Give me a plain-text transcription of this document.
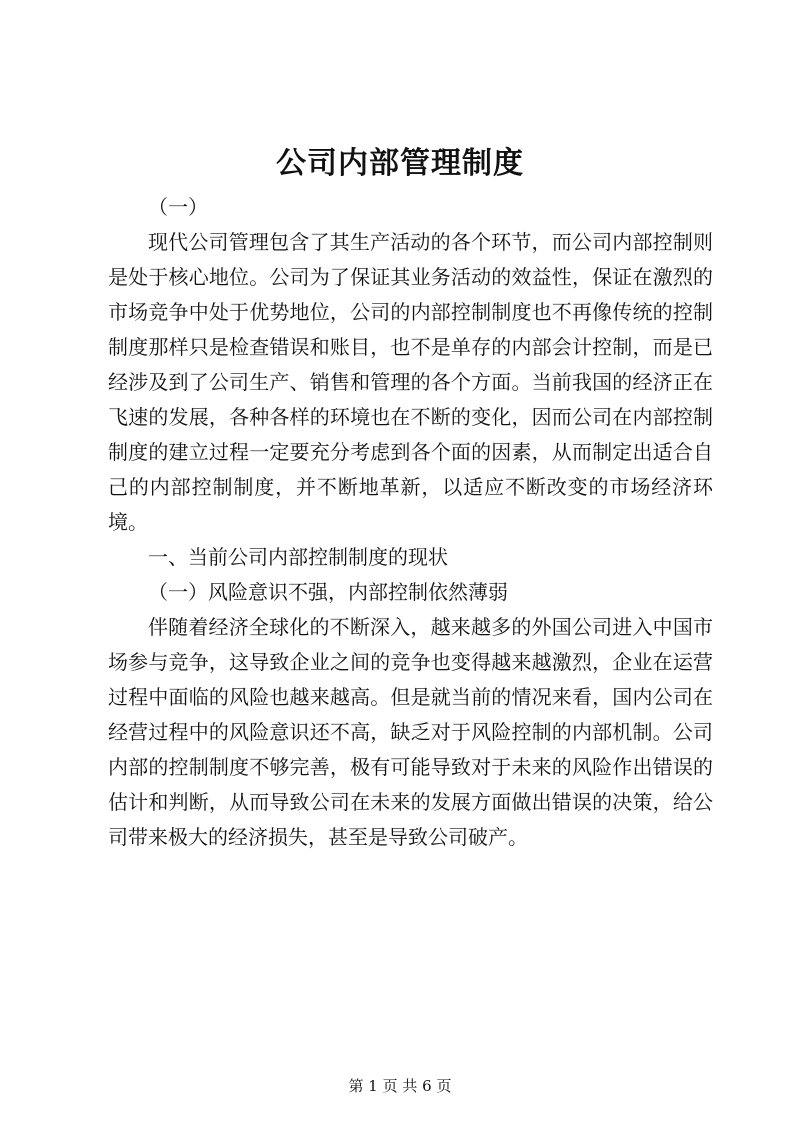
公司内部管理制度

（一）

现代公司管理包含了其生产活动的各个环节，而公司内部控制则是处于核心地位。公司为了保证其业务活动的效益性，保证在激烈的市场竞争中处于优势地位，公司的内部控制制度也不再像传统的控制制度那样只是检查错误和账目，也不是单存的内部会计控制，而是已经涉及到了公司生产、销售和管理的各个方面。当前我国的经济正在飞速的发展，各种各样的环境也在不断的变化，因而公司在内部控制制度的建立过程一定要充分考虑到各个面的因素，从而制定出适合自己的内部控制制度，并不断地革新，以适应不断改变的市场经济环境。

一、当前公司内部控制制度的现状

（一）风险意识不强，内部控制依然薄弱

伴随着经济全球化的不断深入，越来越多的外国公司进入中国市场参与竞争，这导致企业之间的竞争也变得越来越激烈，企业在运营过程中面临的风险也越来越高。但是就当前的情况来看，国内公司在经营过程中的风险意识还不高，缺乏对于风险控制的内部机制。公司内部的控制制度不够完善，极有可能导致对于未来的风险作出错误的估计和判断，从而导致公司在未来的发展方面做出错误的决策，给公司带来极大的经济损失，甚至是导致公司破产。

第 1 页 共 6 页
